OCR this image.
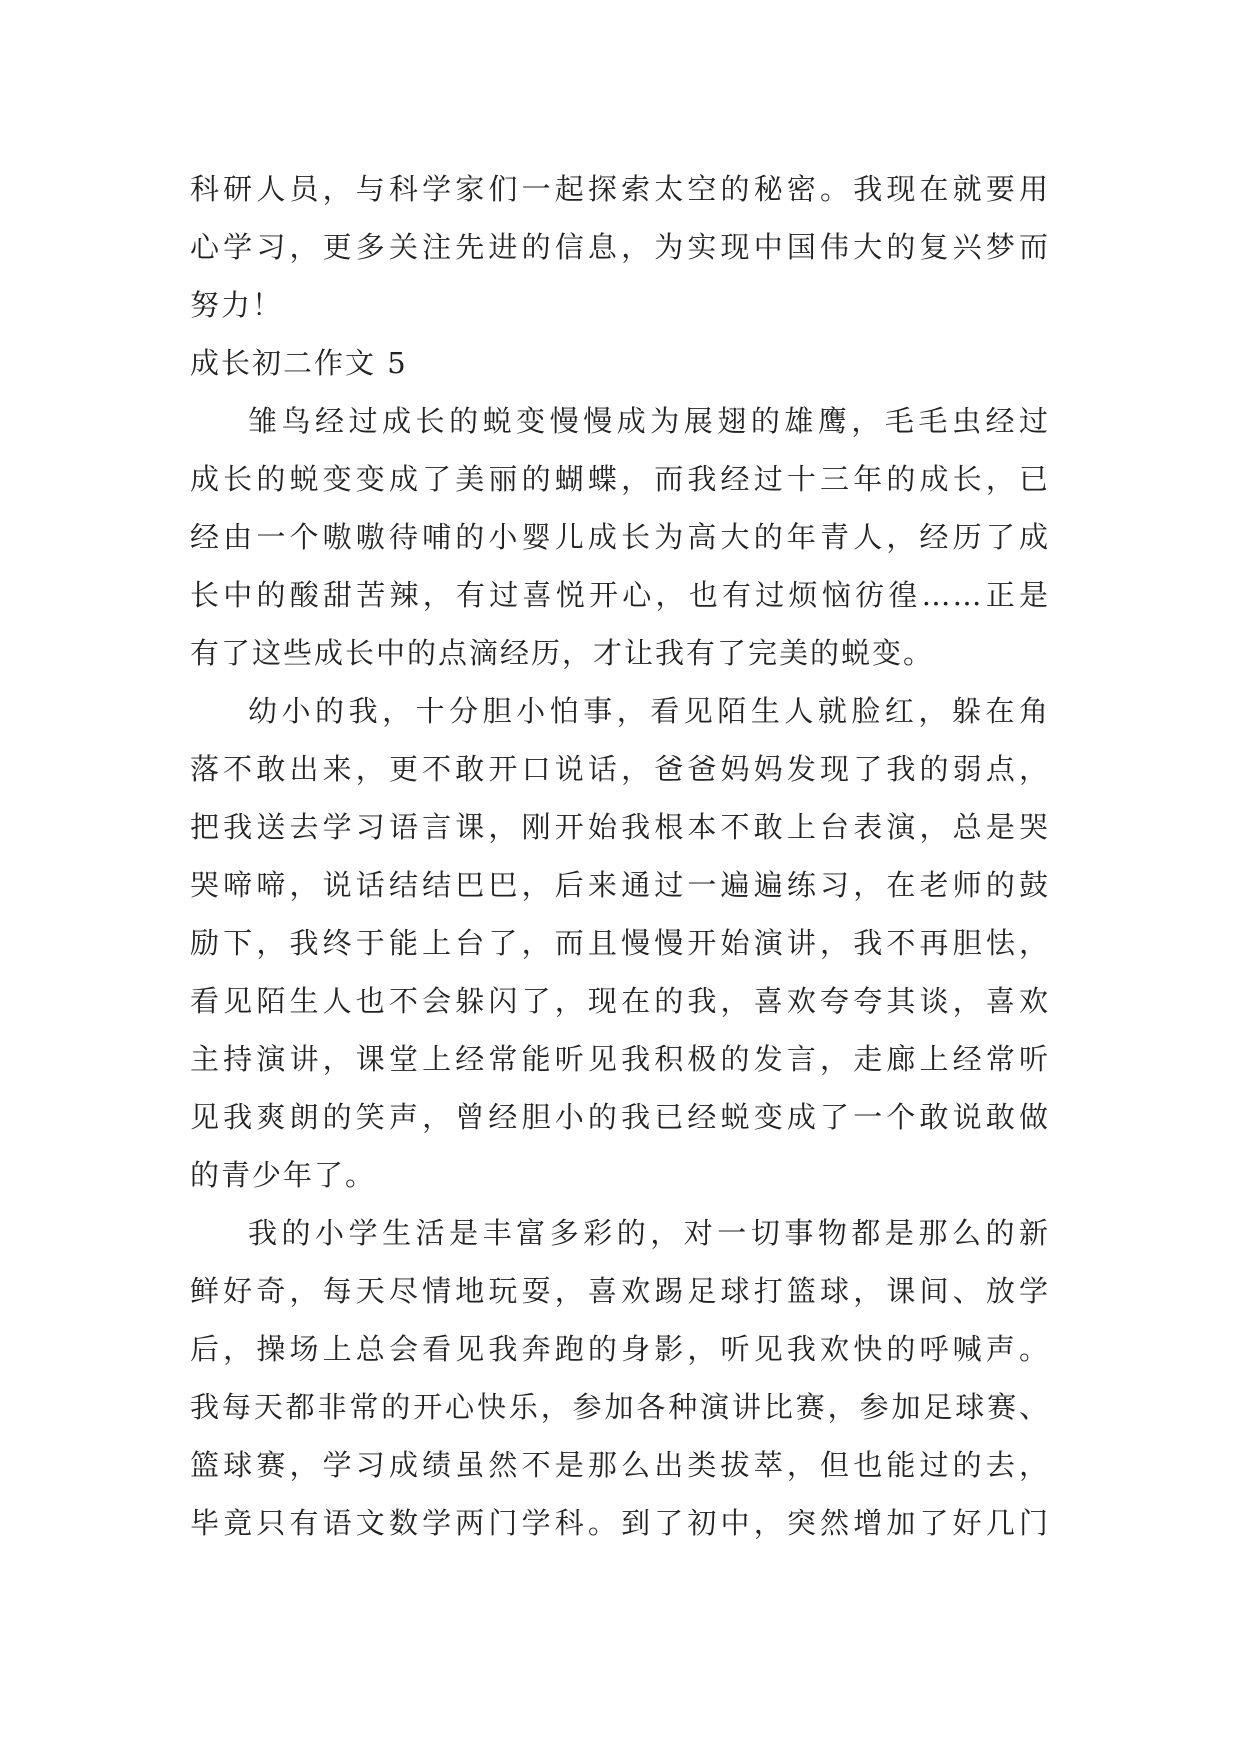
科研人员，与科学家们一起探索太空的秘密。我现在就要用
心学习，更多关注先进的信息，为实现中国伟大的复兴梦而
努力！
成长初二作文 5
雏鸟经过成长的蜕变慢慢成为展翅的雄鹰，毛毛虫经过
成长的蜕变变成了美丽的蝴蝶，而我经过十三年的成长，已
经由一个嗷嗷待哺的小婴儿成长为高大的年青人，经历了成
长中的酸甜苦辣，有过喜悦开心，也有过烦恼彷徨……正是
有了这些成长中的点滴经历，才让我有了完美的蜕变。
幼小的我，十分胆小怕事，看见陌生人就脸红，躲在角
落不敢出来，更不敢开口说话，爸爸妈妈发现了我的弱点，
把我送去学习语言课，刚开始我根本不敢上台表演，总是哭
哭啼啼，说话结结巴巴，后来通过一遍遍练习，在老师的鼓
励下，我终于能上台了，而且慢慢开始演讲，我不再胆怯，
看见陌生人也不会躲闪了，现在的我，喜欢夸夸其谈，喜欢
主持演讲，课堂上经常能听见我积极的发言，走廊上经常听
见我爽朗的笑声，曾经胆小的我已经蜕变成了一个敢说敢做
的青少年了。
我的小学生活是丰富多彩的，对一切事物都是那么的新
鲜好奇，每天尽情地玩耍，喜欢踢足球打篮球，课间、放学
后，操场上总会看见我奔跑的身影，听见我欢快的呼喊声。
我每天都非常的开心快乐，参加各种演讲比赛，参加足球赛、
篮球赛，学习成绩虽然不是那么出类拔萃，但也能过的去，
毕竟只有语文数学两门学科。到了初中，突然增加了好几门
